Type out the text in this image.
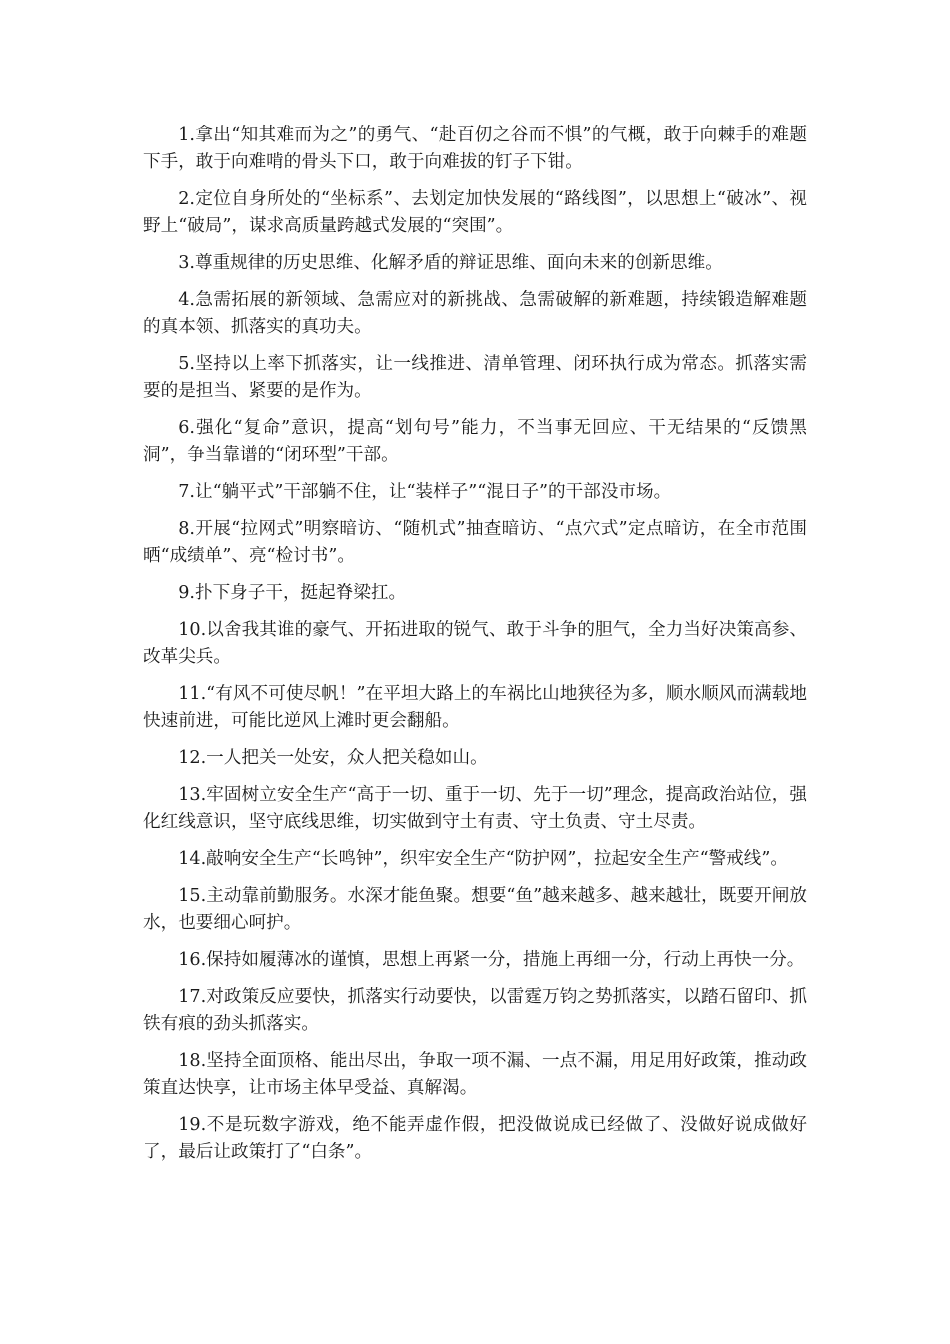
1.拿出“知其难而为之”的勇气、“赴百仞之谷而不惧”的气概，敢于向棘手的难题下手，敢于向难啃的骨头下口，敢于向难拔的钉子下钳。

2.定位自身所处的“坐标系”、去划定加快发展的“路线图”，以思想上“破冰”、视野上“破局”，谋求高质量跨越式发展的“突围”。

3.尊重规律的历史思维、化解矛盾的辩证思维、面向未来的创新思维。

4.急需拓展的新领域、急需应对的新挑战、急需破解的新难题，持续锻造解难题的真本领、抓落实的真功夫。

5.坚持以上率下抓落实，让一线推进、清单管理、闭环执行成为常态。抓落实需要的是担当、紧要的是作为。

6.强化“复命”意识，提高“划句号”能力，不当事无回应、干无结果的“反馈黑洞”，争当靠谱的“闭环型”干部。

7.让“躺平式”干部躺不住，让“装样子”“混日子”的干部没市场。

8.开展“拉网式”明察暗访、“随机式”抽查暗访、“点穴式”定点暗访，在全市范围晒“成绩单”、亮“检讨书”。

9.扑下身子干，挺起脊梁扛。

10.以舍我其谁的豪气、开拓进取的锐气、敢于斗争的胆气，全力当好决策高参、改革尖兵。

11.“有风不可使尽帆！”在平坦大路上的车祸比山地狭径为多，顺水顺风而满载地快速前进，可能比逆风上滩时更会翻船。

12.一人把关一处安，众人把关稳如山。

13.牢固树立安全生产“高于一切、重于一切、先于一切”理念，提高政治站位，强化红线意识，坚守底线思维，切实做到守土有责、守土负责、守土尽责。

14.敲响安全生产“长鸣钟”，织牢安全生产“防护网”，拉起安全生产“警戒线”。

15.主动靠前勤服务。水深才能鱼聚。想要“鱼”越来越多、越来越壮，既要开闸放水，也要细心呵护。

16.保持如履薄冰的谨慎，思想上再紧一分，措施上再细一分，行动上再快一分。

17.对政策反应要快，抓落实行动要快，以雷霆万钧之势抓落实，以踏石留印、抓铁有痕的劲头抓落实。

18.坚持全面顶格、能出尽出，争取一项不漏、一点不漏，用足用好政策，推动政策直达快享，让市场主体早受益、真解渴。

19.不是玩数字游戏，绝不能弄虚作假，把没做说成已经做了、没做好说成做好了，最后让政策打了“白条”。
